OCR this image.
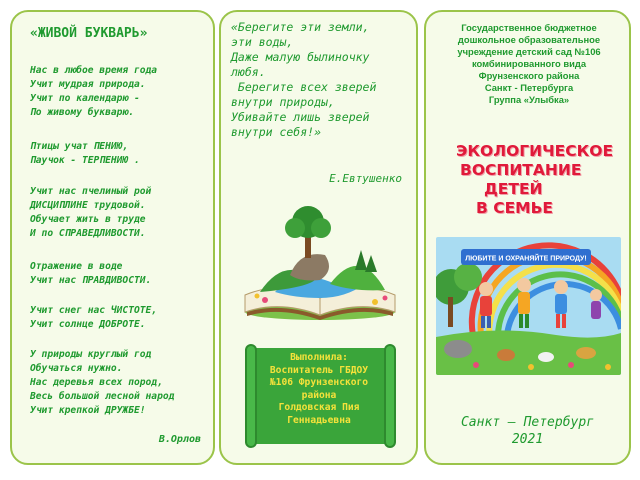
«ЖИВОЙ БУКВАРЬ»
Нас в любое время года
Учит мудрая природа.
Учит по календарю -
По живому букварю.
Птицы учат ПЕНИЮ,
Паучок - ТЕРПЕНИЮ .
Учит нас пчелиный рой
ДИСЦИПЛИНЕ трудовой.
Обучает жить в труде
И по СПРАВЕДЛИВОСТИ.
Отражение в воде
Учит нас ПРАВДИВОСТИ.
Учит снег нас ЧИСТОТЕ,
Учит солнце ДОБРОТЕ.
У природы круглый год
Обучаться нужно.
Нас деревья всех пород,
Весь большой лесной народ
Учит крепкой ДРУЖБЕ!
В.Орлов
«Берегите эти земли,
эти воды,
Даже малую былиночку
любя.
Берегите всех зверей
внутри природы,
Убивайте лишь зверей
внутри себя!»
Е.Евтушенко
Выполнила:
Воспитатель ГБДОУ
№106 Фрунзенского
района
Голдовская Пия
Геннадьевна
Государственное бюджетное
дошкольное образовательное
учреждение детский сад №106
комбинированного вида
Фрунзенского района
Санкт - Петербурга
Группа «Улыбка»
ЭКОЛОГИЧЕСКОЕ
ВОСПИТАНИЕ
ДЕТЕЙ
В СЕМЬЕ
ЛЮБИТЕ И ОХРАНЯЙТЕ ПРИРОДУ!
Санкт – Петербург
2021
